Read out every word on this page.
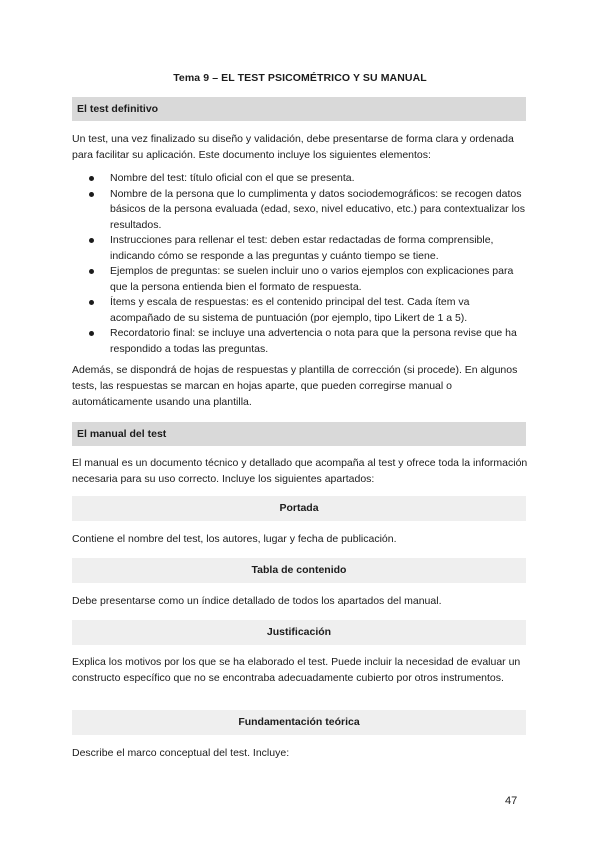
Tema 9 – EL TEST PSICOMÉTRICO Y SU MANUAL
El test definitivo

Un test, una vez finalizado su diseño y validación, debe presentarse de forma clara y ordenada para facilitar su aplicación. Este documento incluye los siguientes elementos:

Nombre del test: título oficial con el que se presenta.
Nombre de la persona que lo cumplimenta y datos sociodemográficos: se recogen datos básicos de la persona evaluada (edad, sexo, nivel educativo, etc.) para contextualizar los resultados.
Instrucciones para rellenar el test: deben estar redactadas de forma comprensible, indicando cómo se responde a las preguntas y cuánto tiempo se tiene.
Ejemplos de preguntas: se suelen incluir uno o varios ejemplos con explicaciones para que la persona entienda bien el formato de respuesta.
Ítems y escala de respuestas: es el contenido principal del test. Cada ítem va acompañado de su sistema de puntuación (por ejemplo, tipo Likert de 1 a 5).
Recordatorio final: se incluye una advertencia o nota para que la persona revise que ha respondido a todas las preguntas.

Además, se dispondrá de hojas de respuestas y plantilla de corrección (si procede). En algunos tests, las respuestas se marcan en hojas aparte, que pueden corregirse manual o automáticamente usando una plantilla.

El manual del test

El manual es un documento técnico y detallado que acompaña al test y ofrece toda la información necesaria para su uso correcto. Incluye los siguientes apartados:

Portada

Contiene el nombre del test, los autores, lugar y fecha de publicación.

Tabla de contenido

Debe presentarse como un índice detallado de todos los apartados del manual.

Justificación

Explica los motivos por los que se ha elaborado el test. Puede incluir la necesidad de evaluar un constructo específico que no se encontraba adecuadamente cubierto por otros instrumentos.

Fundamentación teórica

Describe el marco conceptual del test. Incluye:

47
